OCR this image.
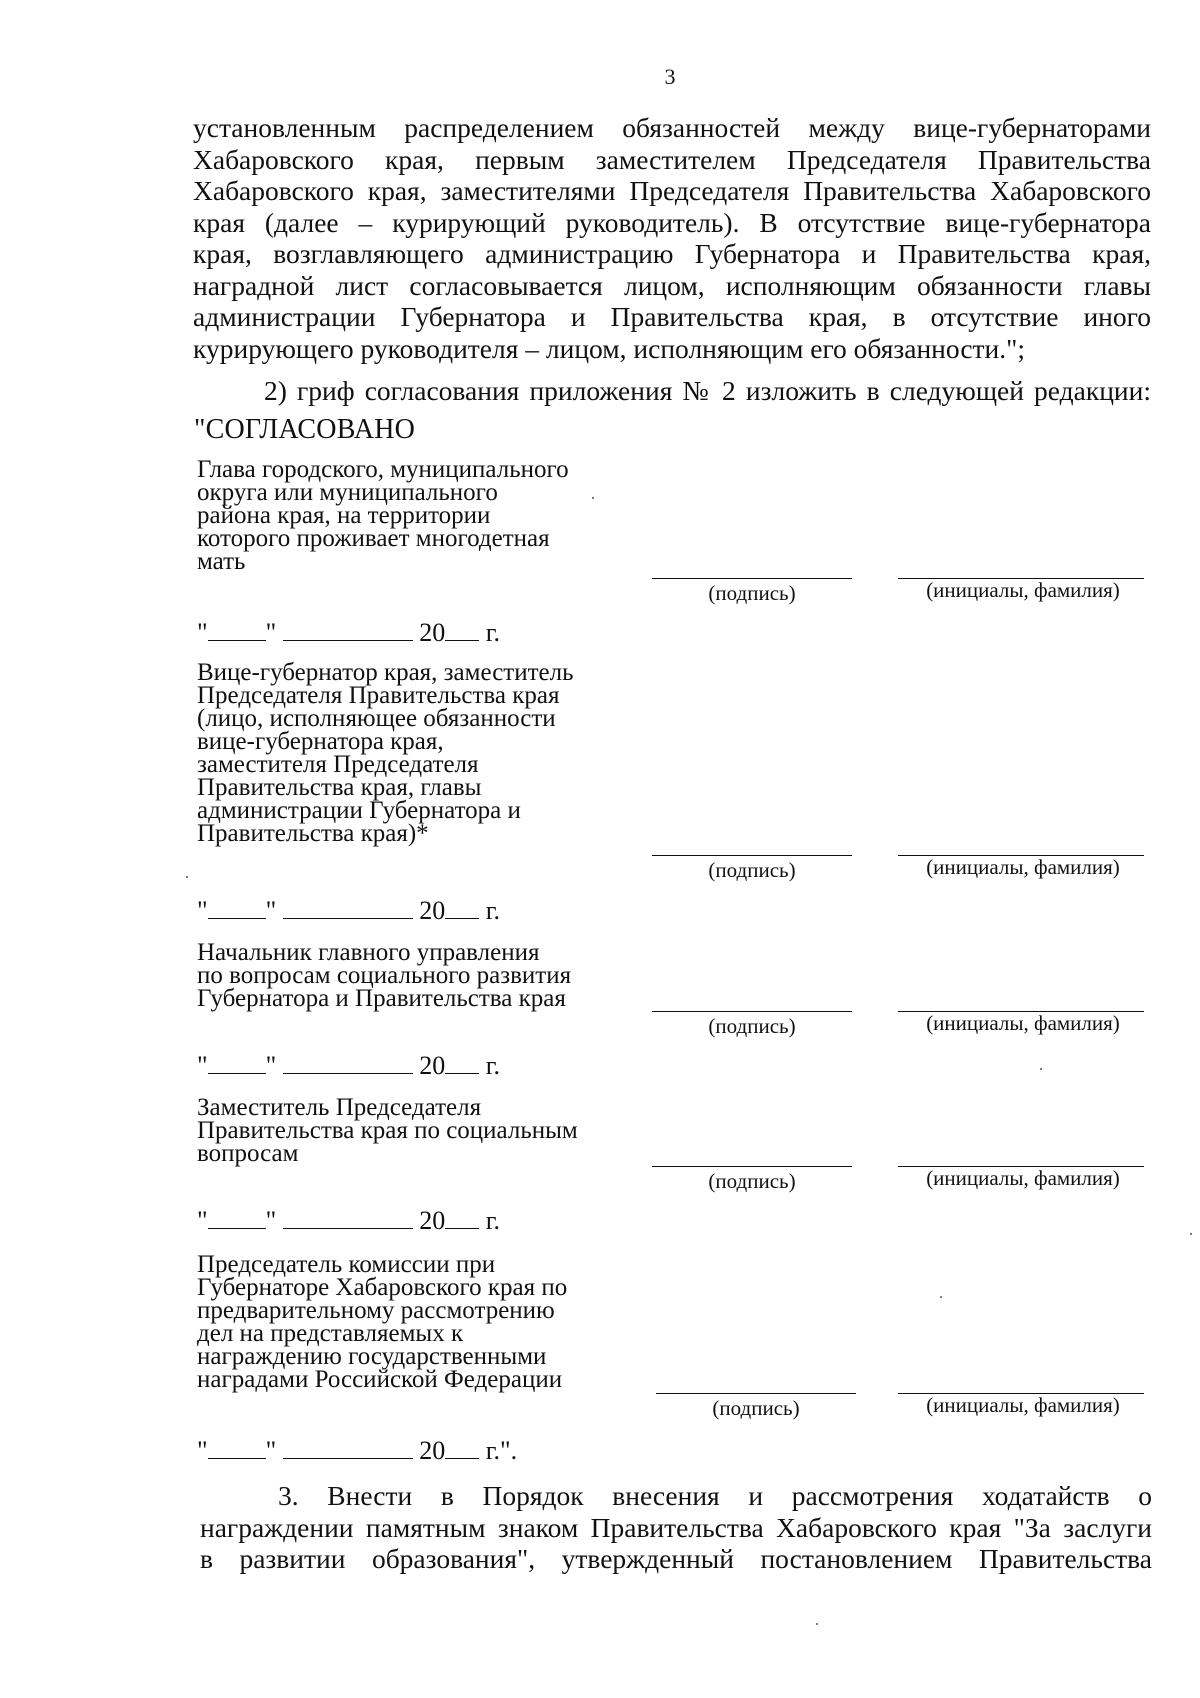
3
установленным распределением обязанностей между вице-губернаторами
Хабаровского края, первым заместителем Председателя Правительства
Хабаровского края, заместителями Председателя Правительства Хабаровского
края (далее – курирующий руководитель). В отсутствие вице-губернатора
края, возглавляющего администрацию Губернатора и Правительства края,
наградной лист согласовывается лицом, исполняющим обязанности главы
администрации Губернатора и Правительства края, в отсутствие иного
курирующего руководителя – лицом, исполняющим его обязанности.";
2) гриф согласования приложения № 2 изложить в следующей редакции:
"СОГЛАСОВАНО
Глава городского, муниципального
округа или муниципального
района края, на территории
которого проживает многодетная
мать
(подпись)	(инициалы, фамилия)
" "	20 г.
Вице-губернатор края, заместитель
Председателя Правительства края
(лицо, исполняющее обязанности
вице-губернатора края,
заместителя Председателя
Правительства края, главы
администрации Губернатора и
Правительства края)*
(подпись)	(инициалы, фамилия)
" "	20 г.
Начальник главного управления
по вопросам социального развития
Губернатора и Правительства края
(подпись)	(инициалы, фамилия)
" "	20 г.
Заместитель Председателя
Правительства края по социальным
вопросам
(подпись)	(инициалы, фамилия)
" "	20 г.
Председатель комиссии при
Губернаторе Хабаровского края по
предварительному рассмотрению
дел на представляемых к
награждению государственными
наградами Российской Федерации
(подпись)	(инициалы, фамилия)
" "	20 г.".
3. Внести в Порядок внесения и рассмотрения ходатайств о
награждении памятным знаком Правительства Хабаровского края "За заслуги
в развитии образования", утвержденный постановлением Правительства
